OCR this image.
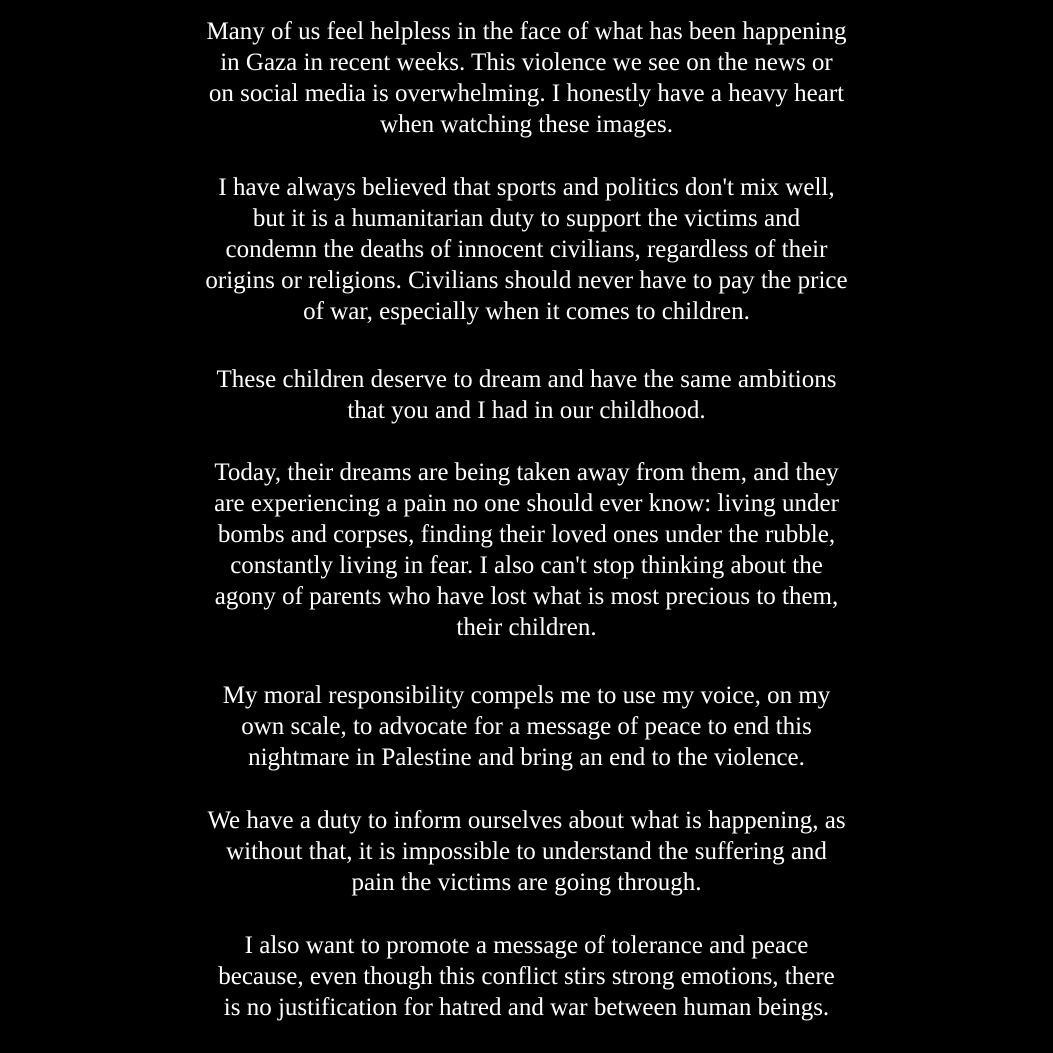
Many of us feel helpless in the face of what has been happening
in Gaza in recent weeks. This violence we see on the news or
on social media is overwhelming. I honestly have a heavy heart
when watching these images.
I have always believed that sports and politics don't mix well,
but it is a humanitarian duty to support the victims and
condemn the deaths of innocent civilians, regardless of their
origins or religions. Civilians should never have to pay the price
of war, especially when it comes to children.
These children deserve to dream and have the same ambitions
that you and I had in our childhood.
Today, their dreams are being taken away from them, and they
are experiencing a pain no one should ever know: living under
bombs and corpses, finding their loved ones under the rubble,
constantly living in fear. I also can't stop thinking about the
agony of parents who have lost what is most precious to them,
their children.
My moral responsibility compels me to use my voice, on my
own scale, to advocate for a message of peace to end this
nightmare in Palestine and bring an end to the violence.
We have a duty to inform ourselves about what is happening, as
without that, it is impossible to understand the suffering and
pain the victims are going through.
I also want to promote a message of tolerance and peace
because, even though this conflict stirs strong emotions, there
is no justification for hatred and war between human beings.
